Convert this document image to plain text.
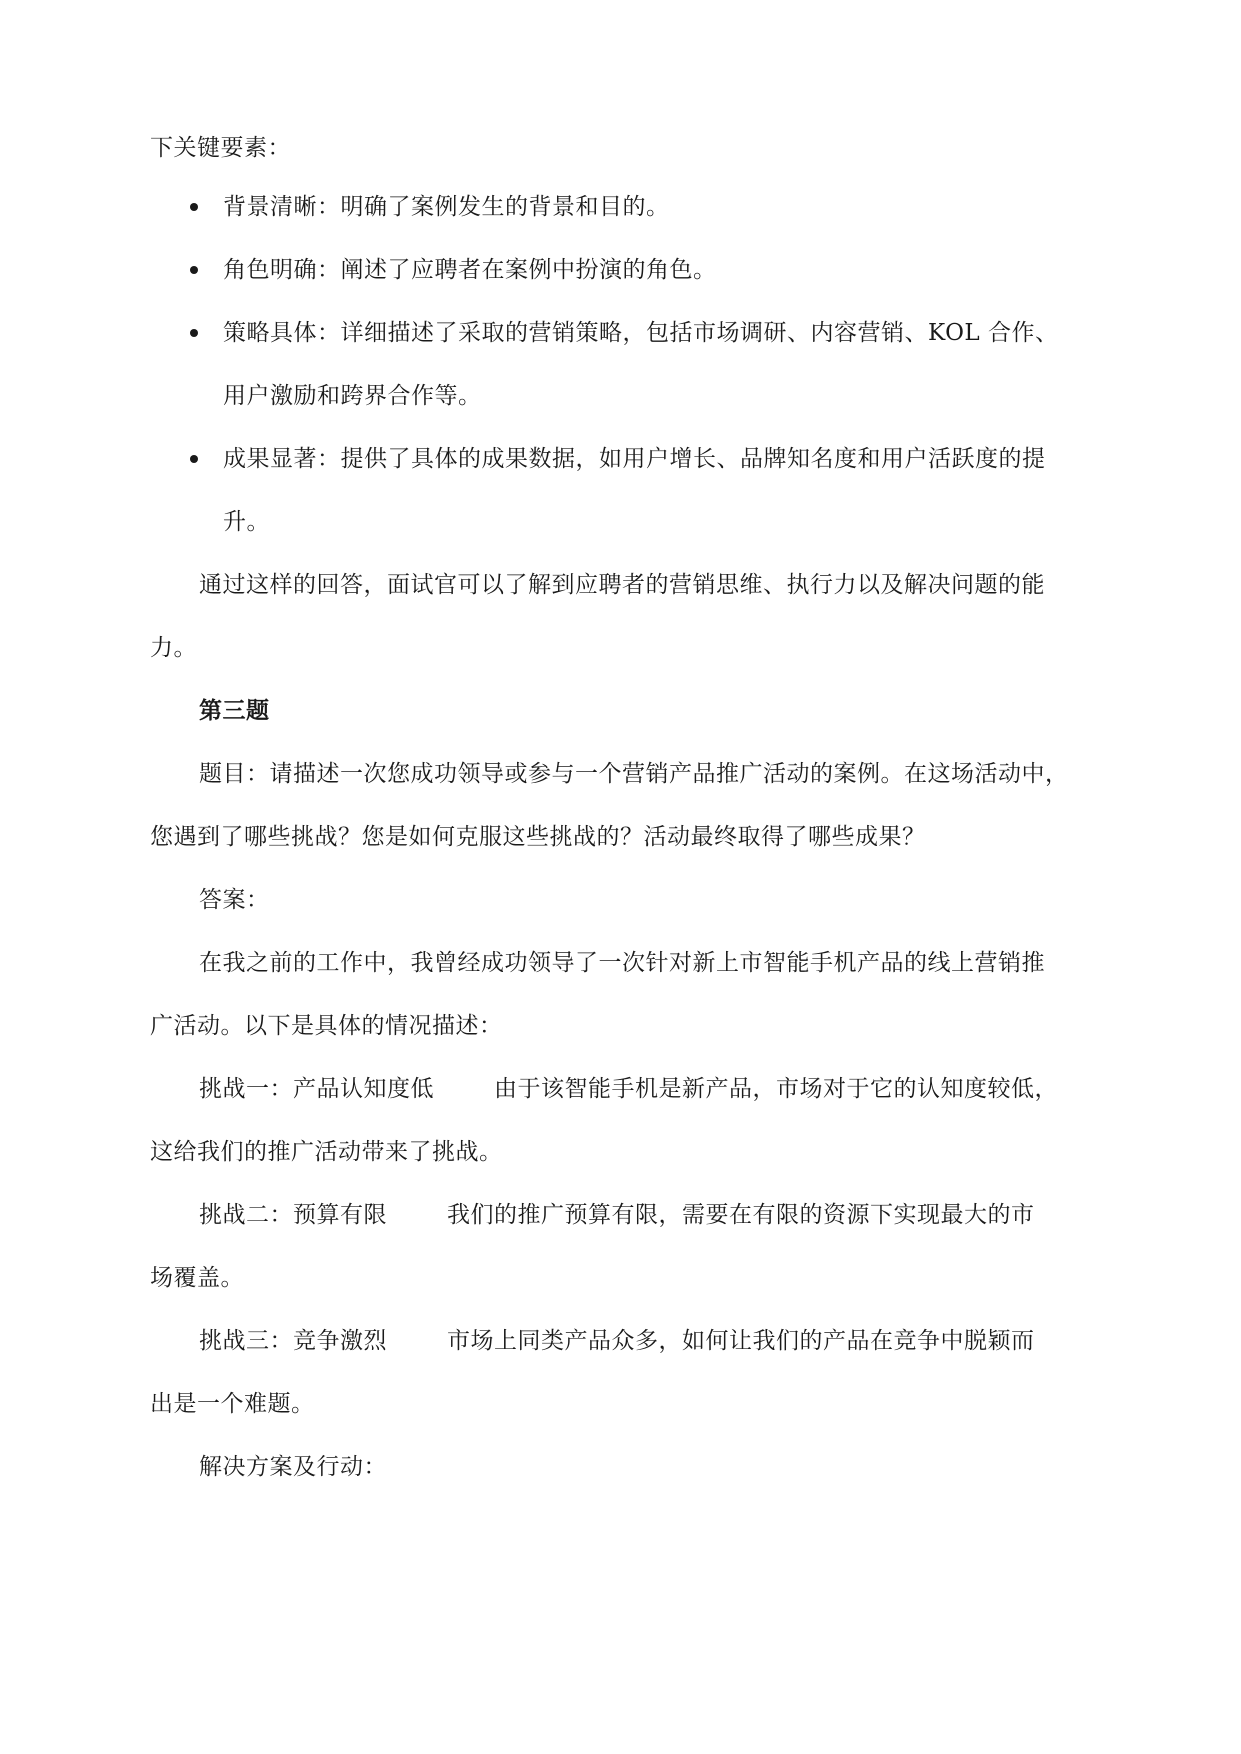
下关键要素：

背景清晰：明确了案例发生的背景和目的。

角色明确：阐述了应聘者在案例中扮演的角色。

策略具体：详细描述了采取的营销策略，包括市场调研、内容营销、KOL 合作、

用户激励和跨界合作等。

成果显著：提供了具体的成果数据，如用户增长、品牌知名度和用户活跃度的提

升。

通过这样的回答，面试官可以了解到应聘者的营销思维、执行力以及解决问题的能

力。

第三题

题目：请描述一次您成功领导或参与一个营销产品推广活动的案例。在这场活动中，

您遇到了哪些挑战？您是如何克服这些挑战的？活动最终取得了哪些成果？

答案：

在我之前的工作中，我曾经成功领导了一次针对新上市智能手机产品的线上营销推

广活动。以下是具体的情况描述：

挑战一：产品认知度低	由于该智能手机是新产品，市场对于它的认知度较低，

这给我们的推广活动带来了挑战。

挑战二：预算有限	我们的推广预算有限，需要在有限的资源下实现最大的市

场覆盖。

挑战三：竞争激烈	市场上同类产品众多，如何让我们的产品在竞争中脱颖而

出是一个难题。

解决方案及行动：
